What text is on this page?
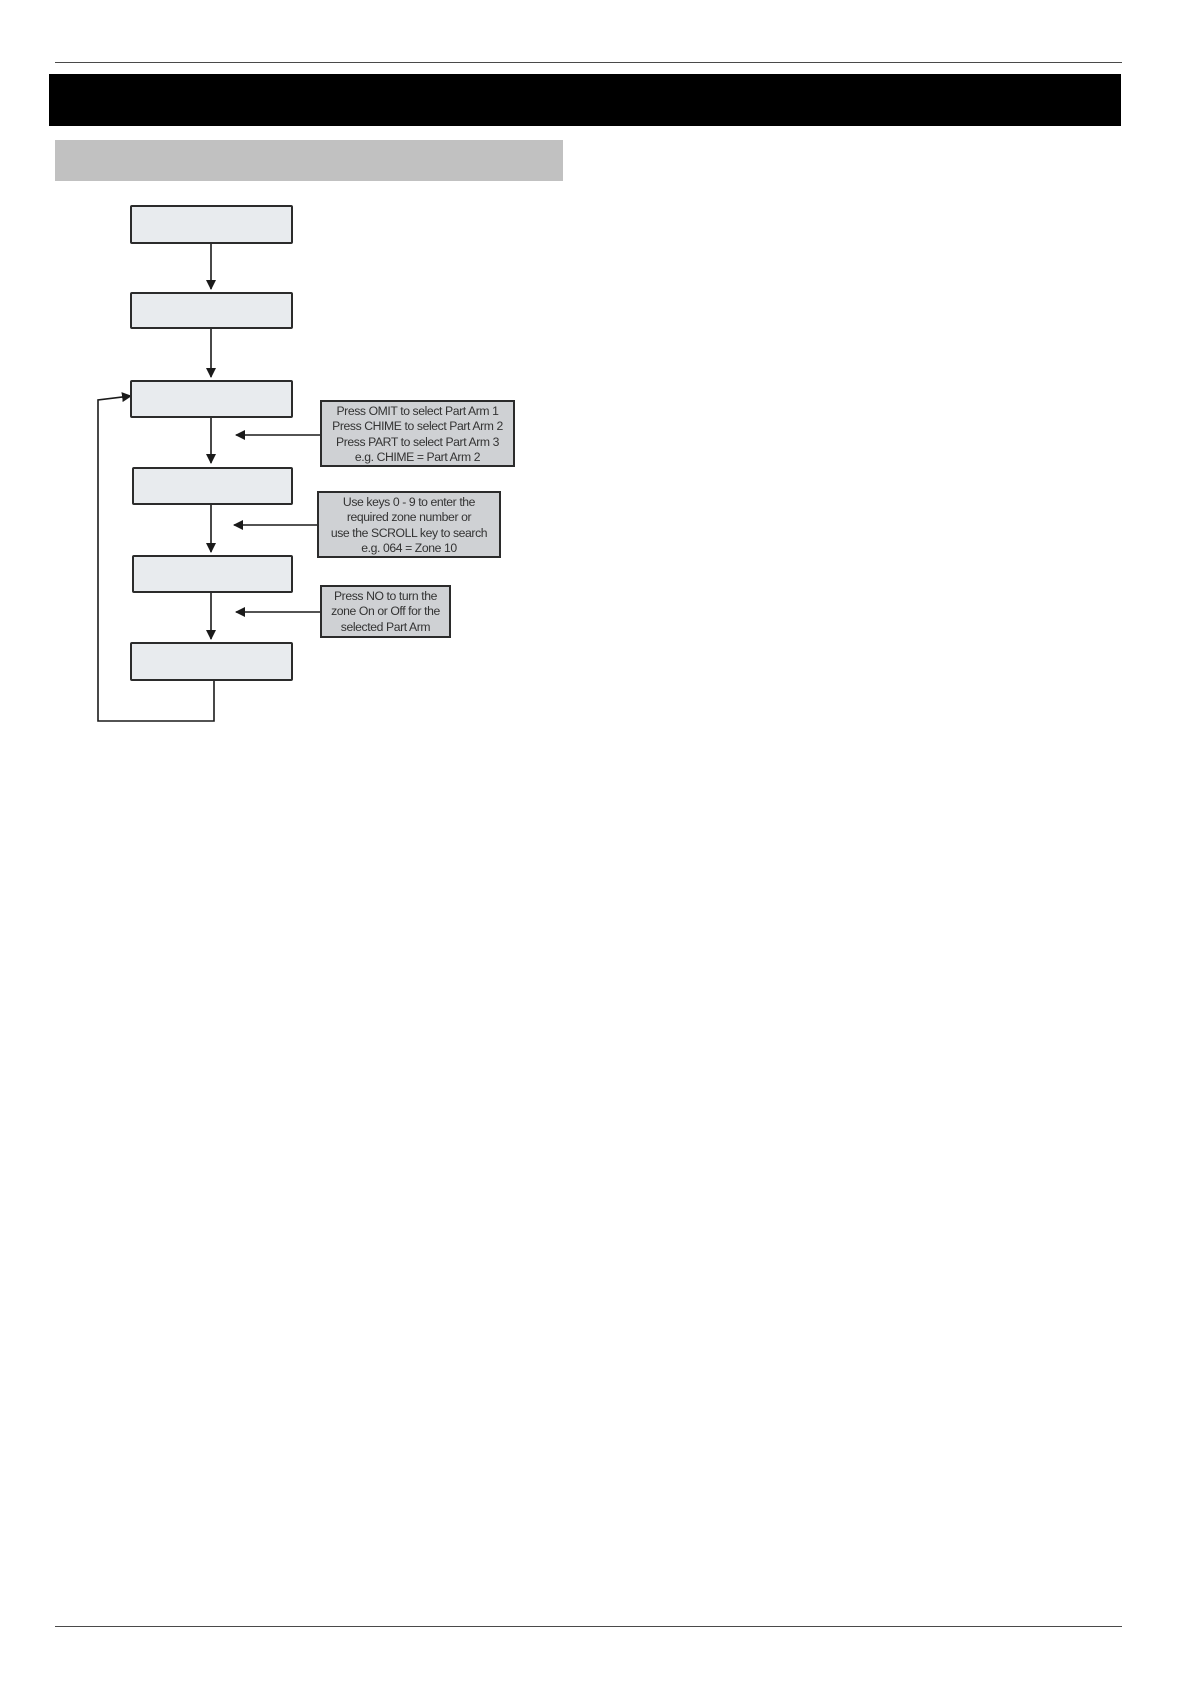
Press OMIT to select Part Arm 1
Press CHIME to select Part Arm 2
Press PART to select Part Arm 3
e.g. CHIME = Part Arm 2
Use keys 0 - 9 to enter the
required zone number or
use the SCROLL key to search
e.g. 064 = Zone 10
Press NO to turn the
zone On or Off for the
selected Part Arm
